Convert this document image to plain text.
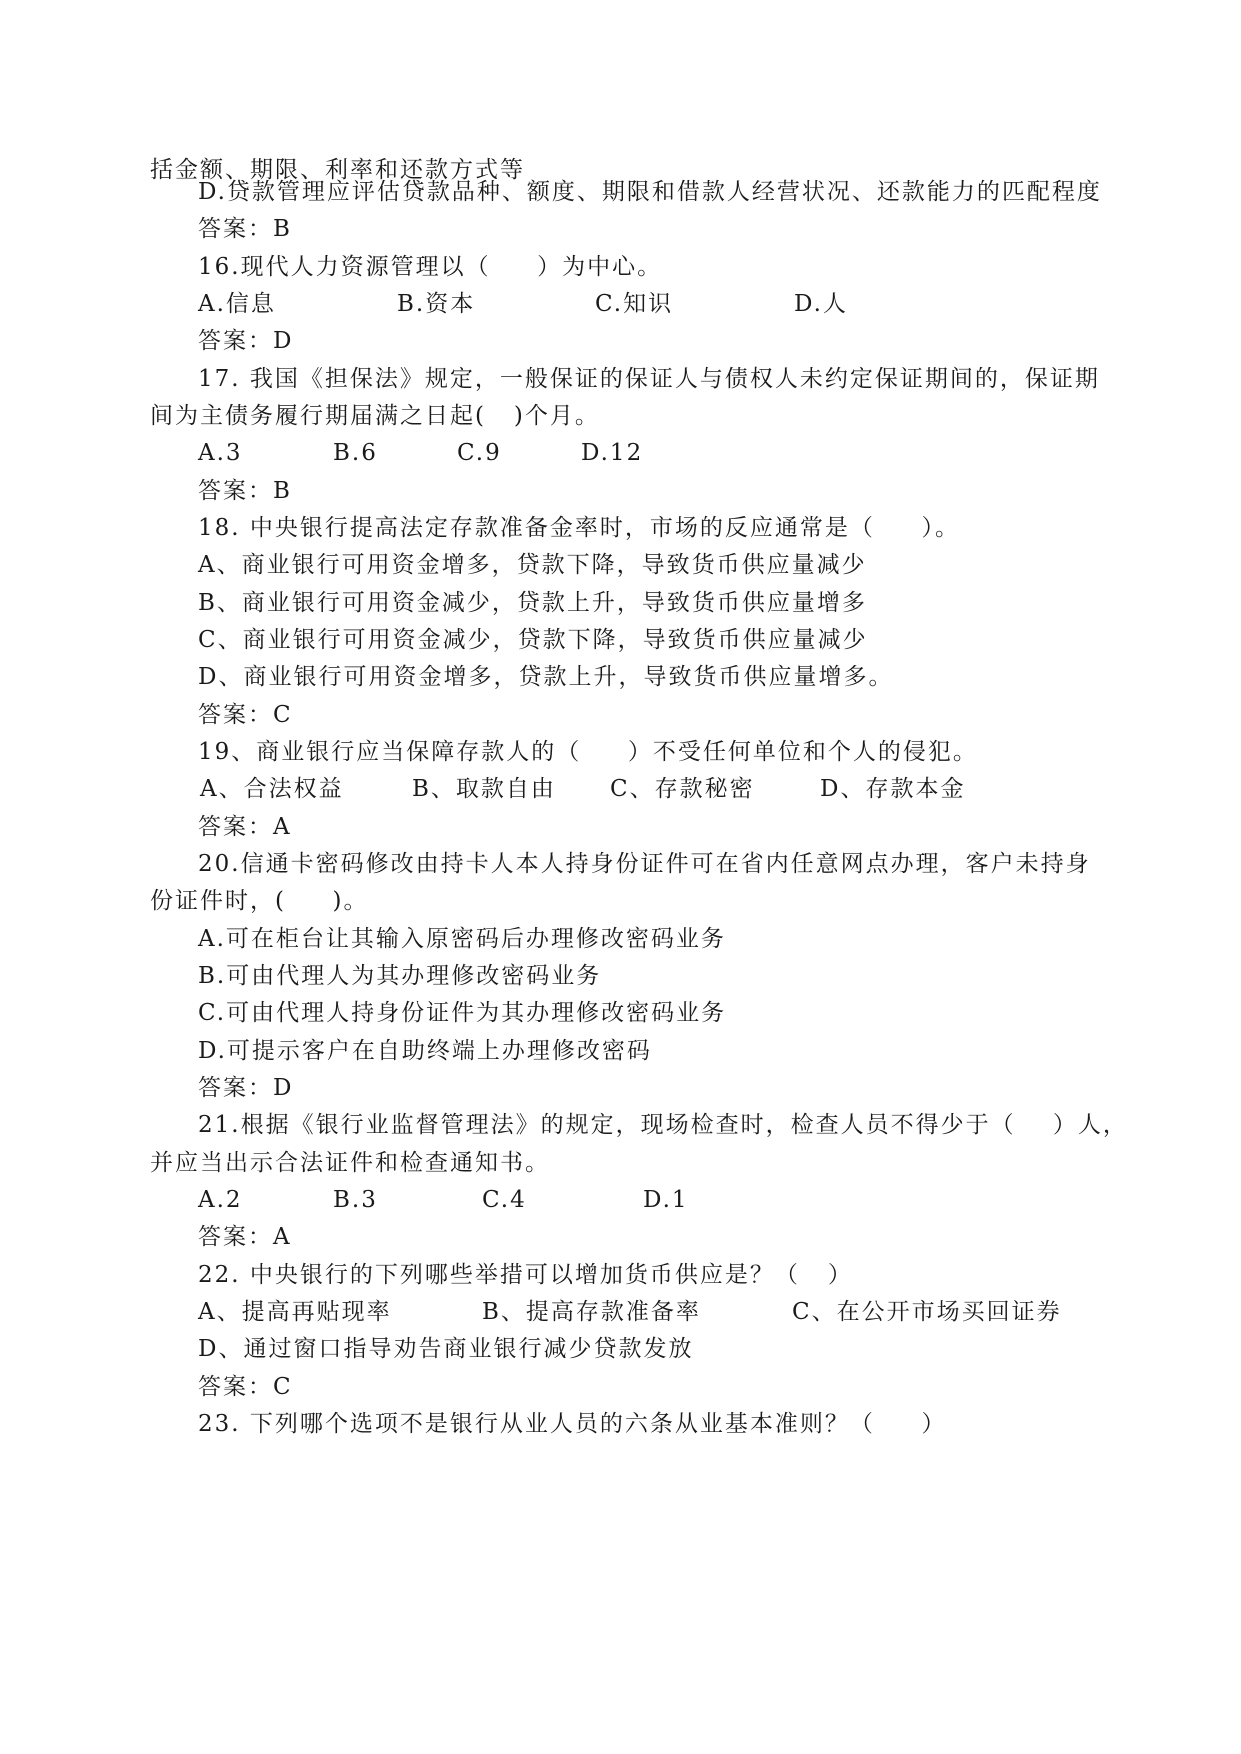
括金额、期限、利率和还款方式等
D.贷款管理应评估贷款品种、额度、期限和借款人经营状况、还款能力的匹配程度
答案：B
16.现代人力资源管理以（     ）为中心。
A.信息	B.资本	C.知识	D.人
答案：D
17. 我国《担保法》规定，一般保证的保证人与债权人未约定保证期间的，保证期
间为主债务履行期届满之日起(   )个月。
A.3	B.6	C.9	D.12
答案：B
18. 中央银行提高法定存款准备金率时，市场的反应通常是（     ）。
A、商业银行可用资金增多，贷款下降，导致货币供应量减少
B、商业银行可用资金减少，贷款上升，导致货币供应量增多
C、商业银行可用资金减少，贷款下降，导致货币供应量减少
D、商业银行可用资金增多，贷款上升，导致货币供应量增多。
答案：C
19、商业银行应当保障存款人的（     ）不受任何单位和个人的侵犯。
A、合法权益	B、取款自由 C、存款秘密	D、存款本金
答案：A
20.信通卡密码修改由持卡人本人持身份证件可在省内任意网点办理，客户未持身
份证件时，(     )。
A.可在柜台让其输入原密码后办理修改密码业务
B.可由代理人为其办理修改密码业务
C.可由代理人持身份证件为其办理修改密码业务
D.可提示客户在自助终端上办理修改密码
答案：D
21.根据《银行业监督管理法》的规定，现场检查时，检查人员不得少于（    ）人，
并应当出示合法证件和检查通知书。
A.2	B.3	C.4	D.1
答案：A
22. 中央银行的下列哪些举措可以增加货币供应是？（   ）
A、提高再贴现率	B、提高存款准备率	C、在公开市场买回证券
D、通过窗口指导劝告商业银行减少贷款发放
答案：C
23. 下列哪个选项不是银行从业人员的六条从业基本准则？（     ）
